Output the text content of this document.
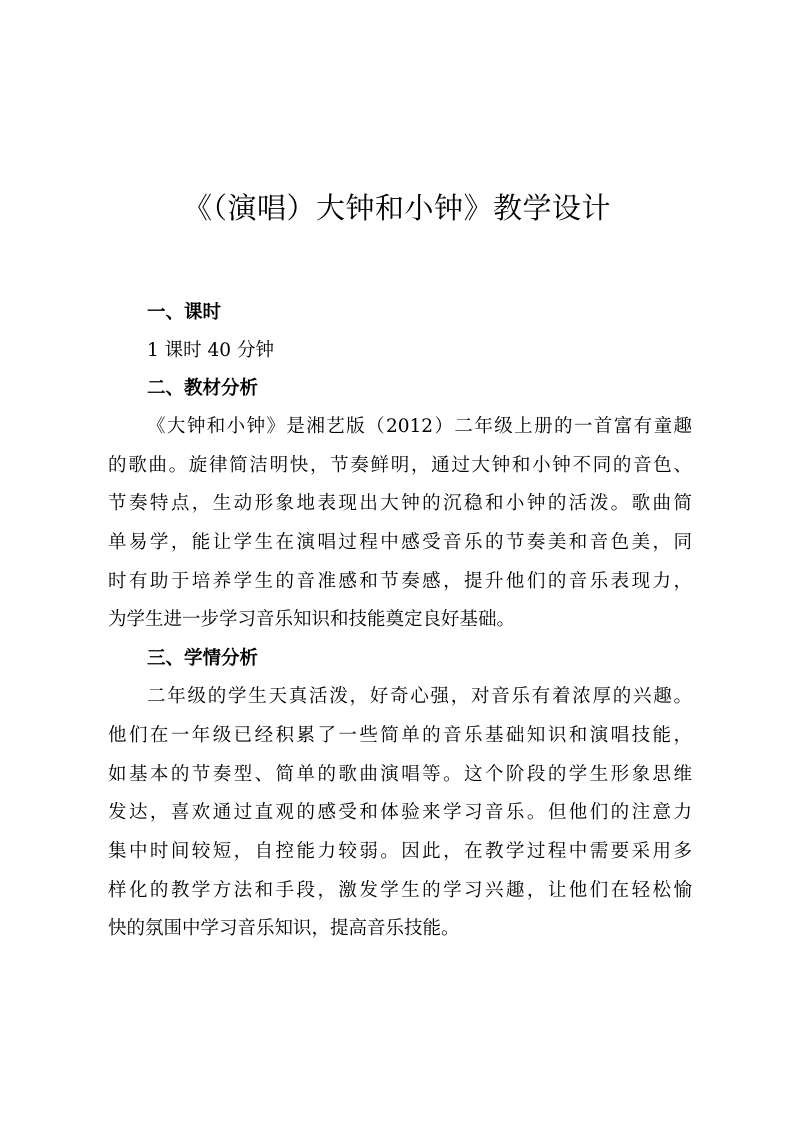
《（演唱）大钟和小钟》教学设计
一、课时
1 课时 40 分钟
二、教材分析
《大钟和小钟》是湘艺版（2012）二年级上册的一首富有童趣
的歌曲。旋律简洁明快，节奏鲜明，通过大钟和小钟不同的音色、
节奏特点，生动形象地表现出大钟的沉稳和小钟的活泼。歌曲简
单易学，能让学生在演唱过程中感受音乐的节奏美和音色美，同
时有助于培养学生的音准感和节奏感，提升他们的音乐表现力，
为学生进一步学习音乐知识和技能奠定良好基础。
三、学情分析
二年级的学生天真活泼，好奇心强，对音乐有着浓厚的兴趣。
他们在一年级已经积累了一些简单的音乐基础知识和演唱技能，
如基本的节奏型、简单的歌曲演唱等。这个阶段的学生形象思维
发达，喜欢通过直观的感受和体验来学习音乐。但他们的注意力
集中时间较短，自控能力较弱。因此，在教学过程中需要采用多
样化的教学方法和手段，激发学生的学习兴趣，让他们在轻松愉
快的氛围中学习音乐知识，提高音乐技能。
